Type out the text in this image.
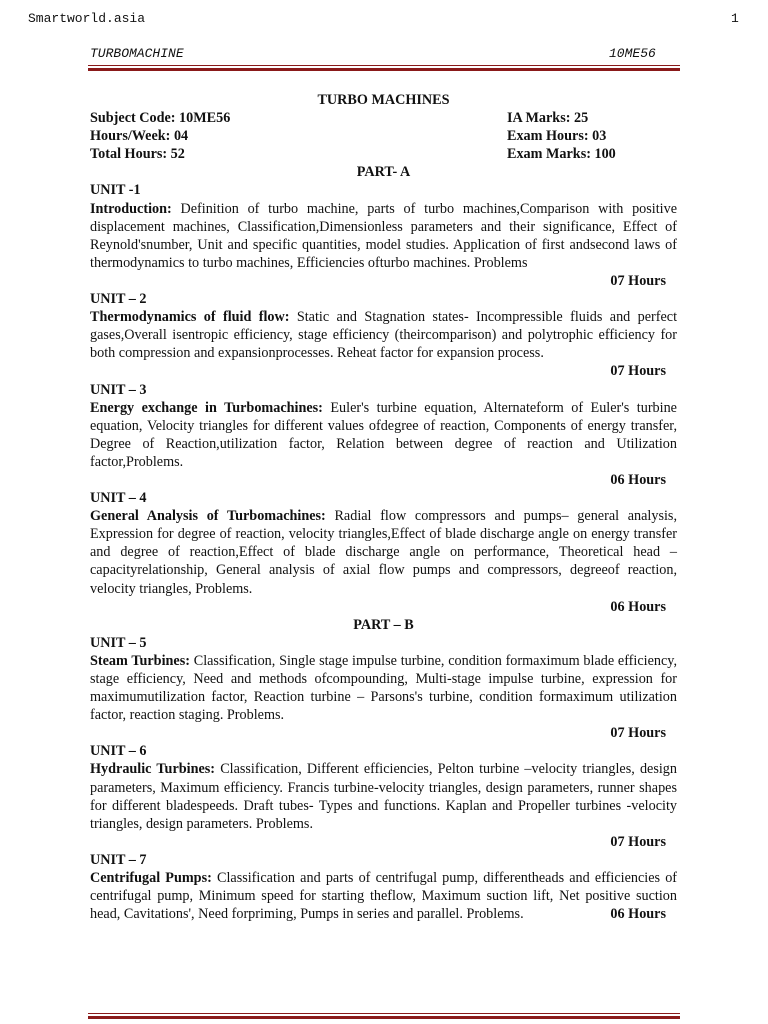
Smartworld.asia	1
TURBOMACHINE	10ME56
TURBO MACHINES
Subject Code: 10ME56	IA Marks: 25
Hours/Week: 04	Exam Hours: 03
Total Hours: 52	Exam Marks: 100
PART- A
UNIT -1

Introduction: Definition of turbo machine, parts of turbo machines,Comparison with positive displacement machines, Classification,Dimensionless parameters and their significance, Effect of Reynold'snumber, Unit and specific quantities, model studies. Application of first andsecond laws of thermodynamics to turbo machines, Efficiencies ofturbo machines. Problems

07 Hours
UNIT – 2

Thermodynamics of fluid flow: Static and Stagnation states- Incompressible fluids and perfect gases,Overall isentropic efficiency, stage efficiency (theircomparison) and polytrophic efficiency for both compression and expansionprocesses. Reheat factor for expansion process.

07 Hours
UNIT – 3

Energy exchange in Turbomachines: Euler's turbine equation, Alternateform of Euler's turbine equation, Velocity triangles for different values ofdegree of reaction, Components of energy transfer, Degree of Reaction,utilization factor, Relation between degree of reaction and Utilization factor,Problems.

06 Hours
UNIT – 4

General Analysis of Turbomachines: Radial flow compressors and pumps– general analysis, Expression for degree of reaction, velocity triangles,Effect of blade discharge angle on energy transfer and degree of reaction,Effect of blade discharge angle on performance, Theoretical head – capacityrelationship, General analysis of axial flow pumps and compressors, degreeof reaction, velocity triangles, Problems.

06 Hours
PART – B
UNIT – 5

Steam Turbines: Classification, Single stage impulse turbine, condition formaximum blade efficiency, stage efficiency, Need and methods ofcompounding, Multi-stage impulse turbine, expression for maximumutilization factor, Reaction turbine – Parsons's turbine, condition formaximum utilization factor, reaction staging. Problems.

07 Hours
UNIT – 6

Hydraulic Turbines: Classification, Different efficiencies, Pelton turbine –velocity triangles, design parameters, Maximum efficiency. Francis turbine-velocity triangles, design parameters, runner shapes for different bladespeeds. Draft tubes- Types and functions. Kaplan and Propeller turbines -velocity triangles, design parameters. Problems.

07 Hours
UNIT – 7

Centrifugal Pumps: Classification and parts of centrifugal pump, differentheads and efficiencies of centrifugal pump, Minimum speed for starting theflow, Maximum suction lift, Net positive suction head, Cavitations', Need forpriming, Pumps in series and parallel. Problems.	06 Hours
